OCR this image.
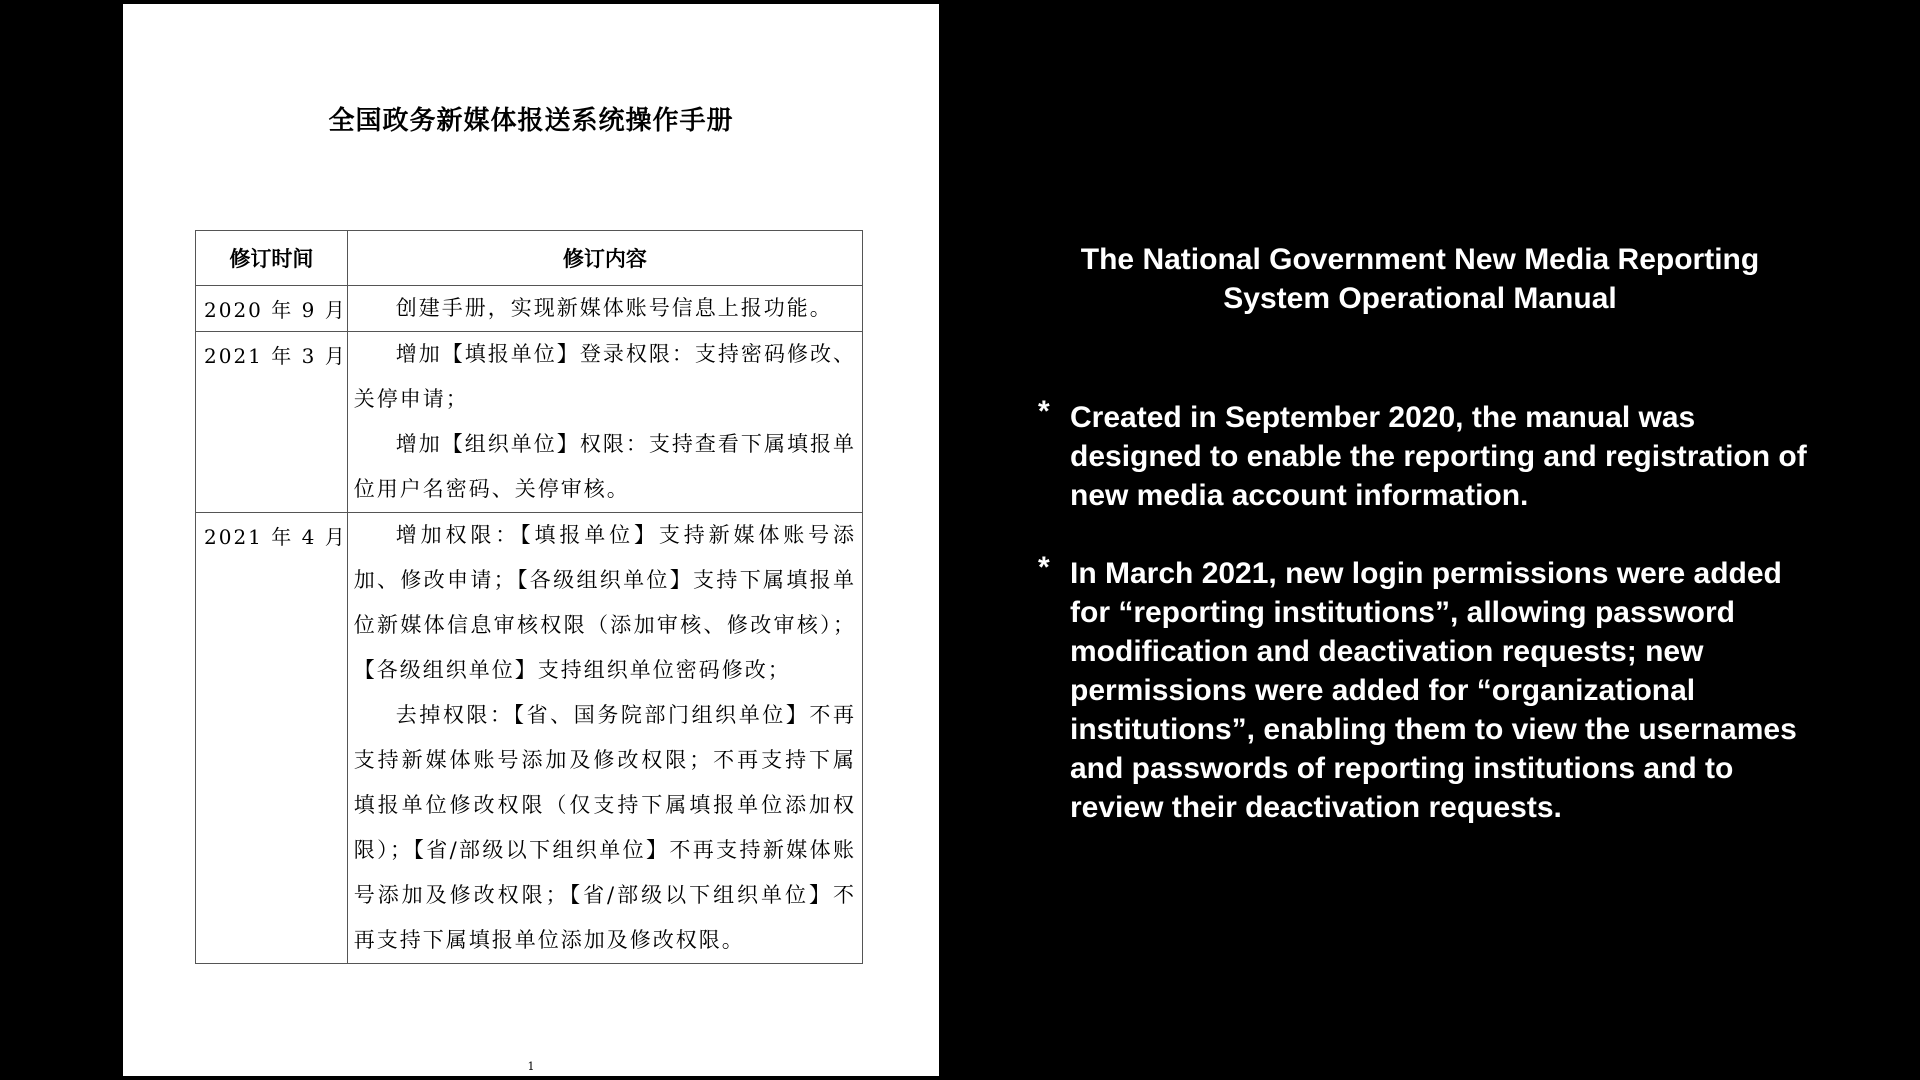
全国政务新媒体报送系统操作手册
修订时间	修订内容
2020 年 9 月	创建手册，实现新媒体账号信息上报功能。

2021 年 3 月	增加【填报单位】登录权限：支持密码修改、关停申请；

增加【组织单位】权限：支持查看下属填报单位用户名密码、关停审核。

2021 年 4 月	增加权限：【填报单位】支持新媒体账号添加、修改申请；【各级组织单位】支持下属填报单位新媒体信息审核权限（添加审核、修改审核）；【各级组织单位】支持组织单位密码修改；

去掉权限：【省、国务院部门组织单位】不再支持新媒体账号添加及修改权限；不再支持下属填报单位修改权限（仅支持下属填报单位添加权限）；【省/部级以下组织单位】不再支持新媒体账号添加及修改权限；【省/部级以下组织单位】不再支持下属填报单位添加及修改权限。

1
The National Government New Media Reporting System Operational Manual
* Created in September 2020, the manual was designed to enable the reporting and registration of new media account information.
* In March 2021, new login permissions were added for “reporting institutions”, allowing password modification and deactivation requests; new permissions were added for “organizational institutions”, enabling them to view the usernames and passwords of reporting institutions and to review their deactivation requests.
